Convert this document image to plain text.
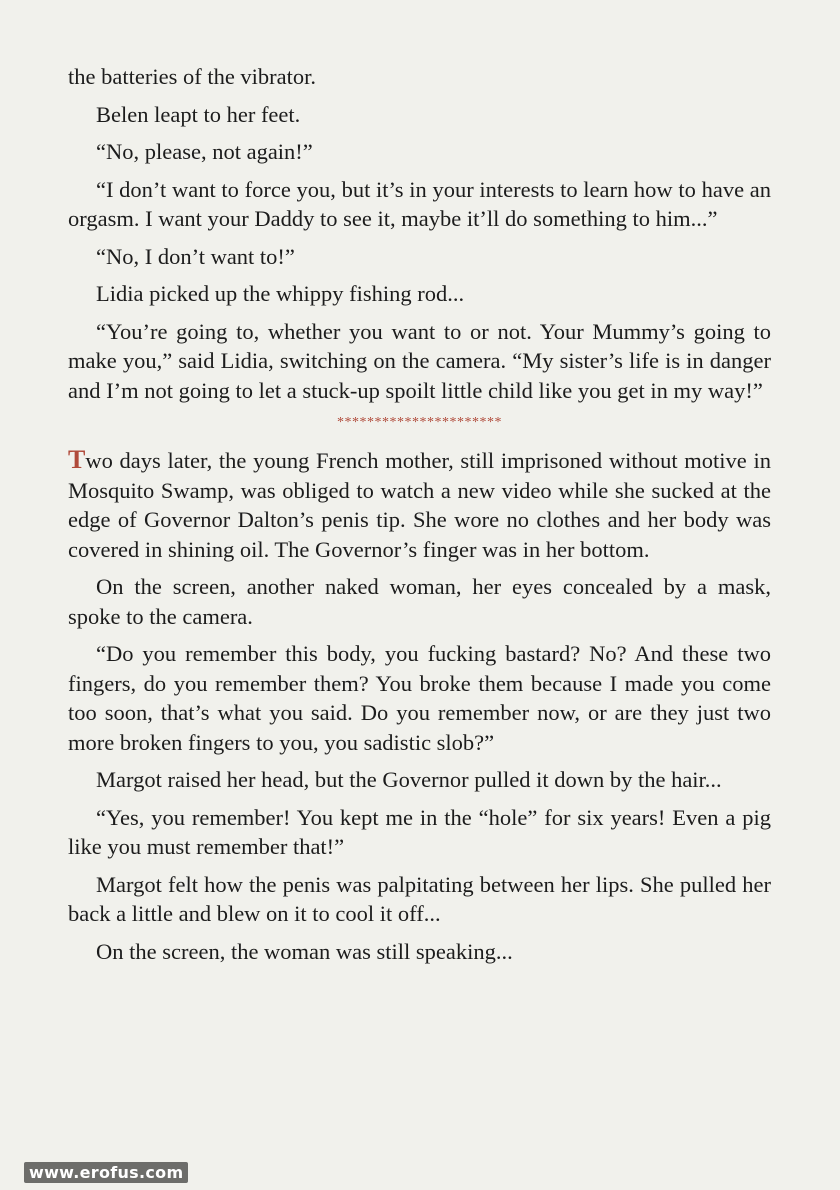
the batteries of the vibrator.

Belen leapt to her feet.

“No, please, not again!”

“I don’t want to force you, but it’s in your interests to learn how to have an orgasm. I want your Daddy to see it, maybe it’ll do something to him...”

“No, I don’t want to!”

Lidia picked up the whippy fishing rod...

“You’re going to, whether you want to or not. Your Mummy’s going to make you,” said Lidia, switching on the camera. “My sister’s life is in danger and I’m not going to let a stuck-up spoilt little child like you get in my way!”

**********************

Two days later, the young French mother, still imprisoned without motive in Mosquito Swamp, was obliged to watch a new video while she sucked at the edge of Governor Dalton’s penis tip. She wore no clothes and her body was covered in shining oil. The Governor’s finger was in her bottom.

On the screen, another naked woman, her eyes concealed by a mask, spoke to the camera.

“Do you remember this body, you fucking bastard? No? And these two fingers, do you remember them? You broke them because I made you come too soon, that’s what you said. Do you remember now, or are they just two more broken fingers to you, you sadistic slob?”

Margot raised her head, but the Governor pulled it down by the hair...

“Yes, you remember! You kept me in the “hole” for six years! Even a pig like you must remember that!”

Margot felt how the penis was palpitating between her lips. She pulled her back a little and blew on it to cool it off...

On the screen, the woman was still speaking...

www.erofus.com
